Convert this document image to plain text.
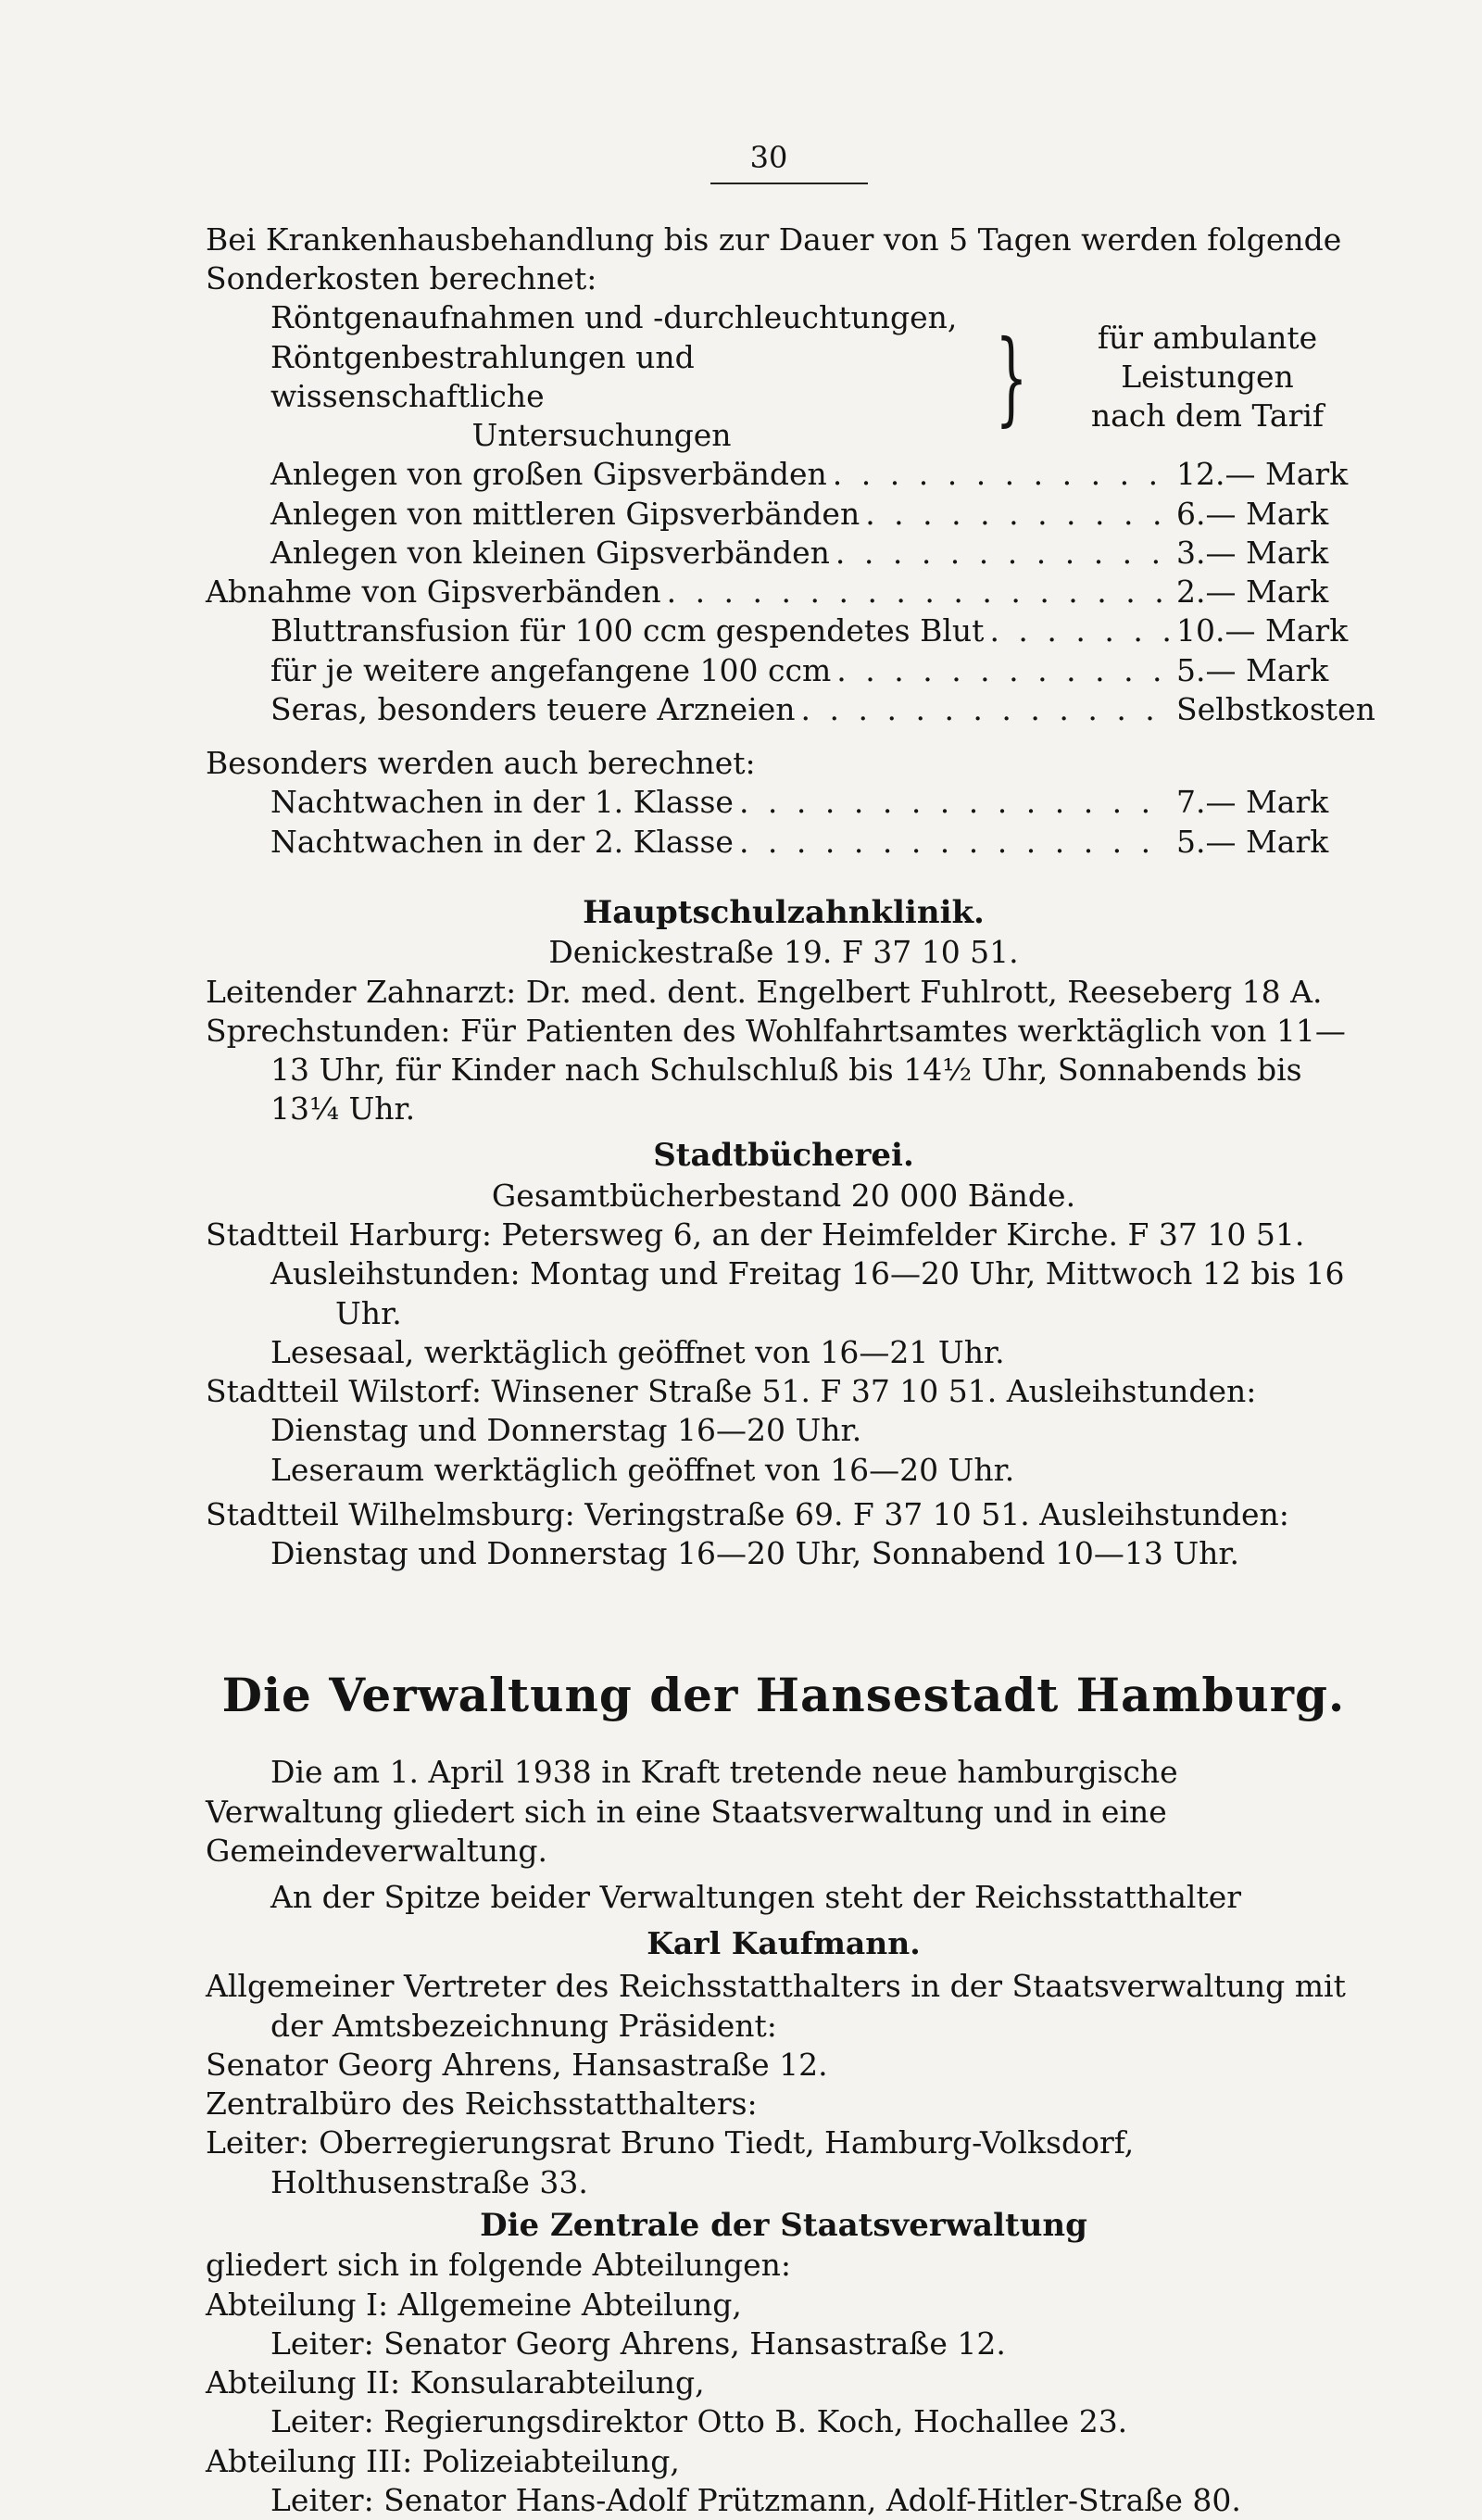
30

Bei Krankenhausbehandlung bis zur Dauer von 5 Tagen werden folgende Sonderkosten berechnet:

Röntgenaufnahmen und -durchleuchtungen,
Röntgenbestrahlungen und wissenschaftliche
Untersuchungen	}	für ambulante Leistungen
nach dem Tarif
Anlegen von großen Gipsverbänden . . .	12.— Mark
Anlegen von mittleren Gipsverbänden . . .	6.— Mark
Anlegen von kleinen Gipsverbänden . . .	3.— Mark
Abnahme von Gipsverbänden . . .	2.— Mark
Bluttransfusion für 100 ccm gespendetes Blut . . .	10.— Mark
für je weitere angefangene 100 ccm . . .	5.— Mark
Seras, besonders teuere Arzneien . . .	Selbstkosten

Besonders werden auch berechnet:

Nachtwachen in der 1. Klasse . . .	7.— Mark
Nachtwachen in der 2. Klasse . . .	5.— Mark
Hauptschulzahnklinik.

Denickestraße 19. F 37 10 51.

Leitender Zahnarzt: Dr. med. dent. Engelbert Fuhlrott, Reeseberg 18 A.

Sprechstunden: Für Patienten des Wohlfahrtsamtes werktäglich von 11—13 Uhr, für Kinder nach Schulschluß bis 14½ Uhr, Sonnabends bis 13¼ Uhr.

Stadtbücherei.

Gesamtbücherbestand 20 000 Bände.

Stadtteil Harburg: Petersweg 6, an der Heimfelder Kirche. F 37 10 51.

Ausleihstunden: Montag und Freitag 16—20 Uhr, Mittwoch 12 bis 16 Uhr.

Lesesaal, werktäglich geöffnet von 16—21 Uhr.

Stadtteil Wilstorf: Winsener Straße 51. F 37 10 51. Ausleihstunden: Dienstag und Donnerstag 16—20 Uhr.

Leseraum werktäglich geöffnet von 16—20 Uhr.

Stadtteil Wilhelmsburg: Veringstraße 69. F 37 10 51. Ausleihstunden: Dienstag und Donnerstag 16—20 Uhr, Sonnabend 10—13 Uhr.

Die Verwaltung der Hansestadt Hamburg.

Die am 1. April 1938 in Kraft tretende neue hamburgische Verwaltung gliedert sich in eine Staatsverwaltung und in eine Gemeindeverwaltung.

An der Spitze beider Verwaltungen steht der Reichsstatthalter

Karl Kaufmann.

Allgemeiner Vertreter des Reichsstatthalters in der Staatsverwaltung mit der Amtsbezeichnung Präsident:

Senator Georg Ahrens, Hansastraße 12.

Zentralbüro des Reichsstatthalters:

Leiter: Oberregierungsrat Bruno Tiedt, Hamburg-Volksdorf, Holthusenstraße 33.

Die Zentrale der Staatsverwaltung

gliedert sich in folgende Abteilungen:

Abteilung I: Allgemeine Abteilung,

Leiter: Senator Georg Ahrens, Hansastraße 12.

Abteilung II: Konsularabteilung,

Leiter: Regierungsdirektor Otto B. Koch, Hochallee 23.

Abteilung III: Polizeiabteilung,

Leiter: Senator Hans-Adolf Prützmann, Adolf-Hitler-Straße 80.
